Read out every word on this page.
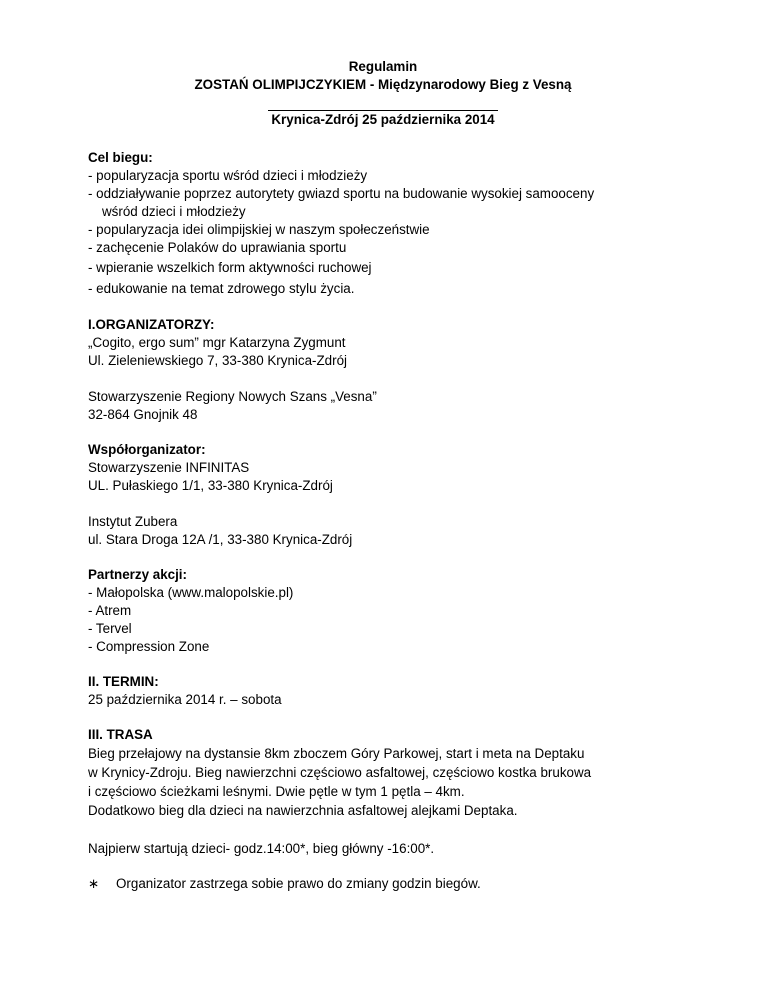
Regulamin
ZOSTAŃ OLIMPIJCZYKIEM - Międzynarodowy Bieg z Vesną
Krynica-Zdrój 25 października 2014
Cel biegu:
- popularyzacja sportu wśród dzieci i młodzieży
- oddziaływanie poprzez autorytety gwiazd sportu na budowanie wysokiej samooceny
wśród dzieci i młodzieży
- popularyzacja idei olimpijskiej w naszym społeczeństwie
- zachęcenie Polaków do uprawiania sportu
- wpieranie wszelkich form aktywności ruchowej
- edukowanie na temat zdrowego stylu życia.
I.ORGANIZATORZY:
„Cogito, ergo sum” mgr Katarzyna Zygmunt
Ul. Zieleniewskiego 7, 33-380 Krynica-Zdrój
Stowarzyszenie Regiony Nowych Szans „Vesna”
32-864 Gnojnik 48
Współorganizator:
Stowarzyszenie INFINITAS
UL. Pułaskiego 1/1, 33-380 Krynica-Zdrój
Instytut Zubera
ul. Stara Droga 12A /1, 33-380 Krynica-Zdrój
Partnerzy akcji:
- Małopolska (www.malopolskie.pl)
- Atrem
- Tervel
- Compression Zone
II. TERMIN:
25 października 2014 r. – sobota
III. TRASA
Bieg przełajowy na dystansie 8km zboczem Góry Parkowej, start i meta na Deptaku
w Krynicy-Zdroju. Bieg nawierzchni częściowo asfaltowej, częściowo kostka brukowa
i częściowo ścieżkami leśnymi. Dwie pętle w tym 1 pętla – 4km.
Dodatkowo bieg dla dzieci na nawierzchnia asfaltowej alejkami Deptaka.
Najpierw startują dzieci- godz.14:00*, bieg główny -16:00*.
∗ Organizator zastrzega sobie prawo do zmiany godzin biegów.
